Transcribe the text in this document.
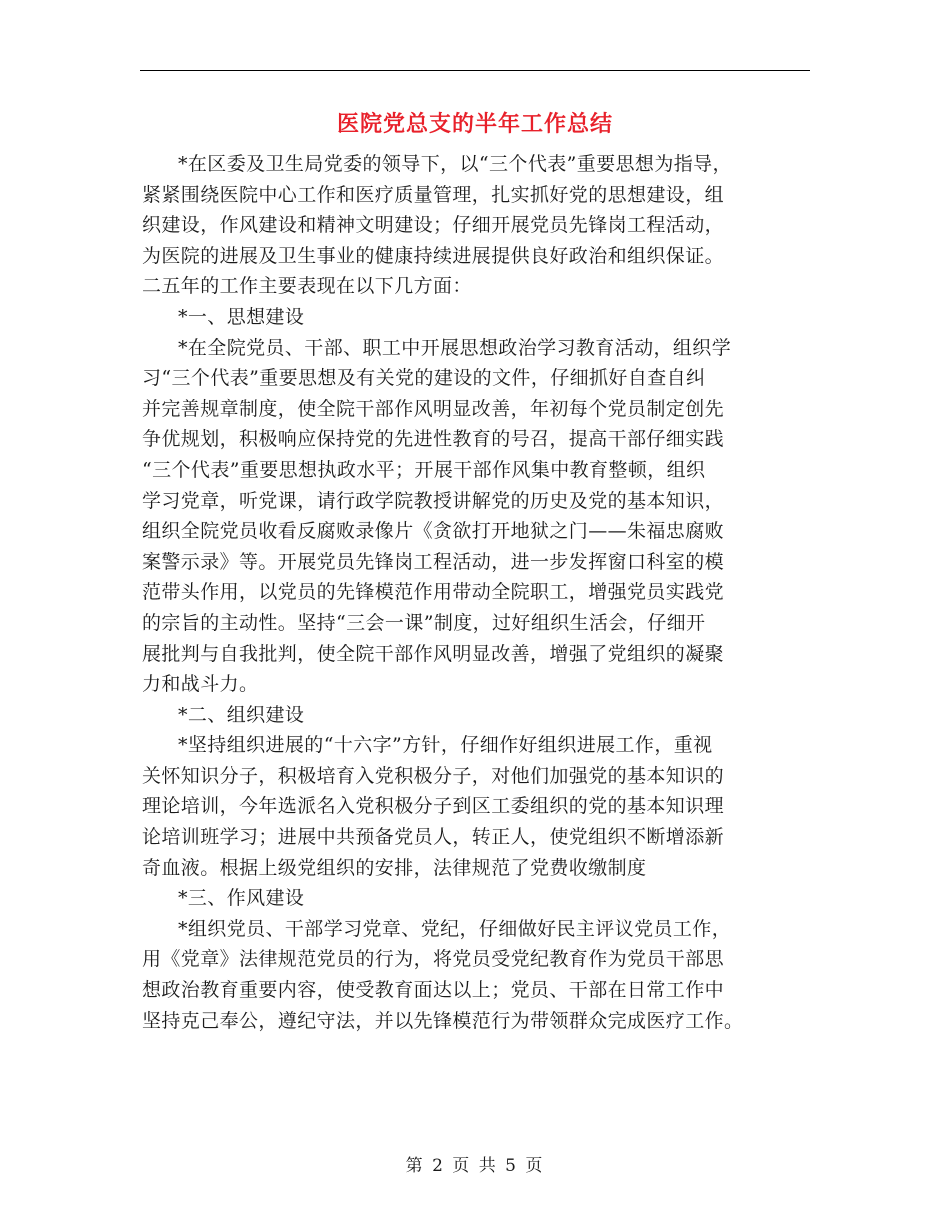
医院党总支的半年工作总结
*在区委及卫生局党委的领导下，以“三个代表”重要思想为指导，
紧紧围绕医院中心工作和医疗质量管理，扎实抓好党的思想建设，组
织建设，作风建设和精神文明建设；仔细开展党员先锋岗工程活动，
为医院的进展及卫生事业的健康持续进展提供良好政治和组织保证。
二五年的工作主要表现在以下几方面：
*一、思想建设
*在全院党员、干部、职工中开展思想政治学习教育活动，组织学
习“三个代表”重要思想及有关党的建设的文件，仔细抓好自查自纠
并完善规章制度，使全院干部作风明显改善，年初每个党员制定创先
争优规划，积极响应保持党的先进性教育的号召，提高干部仔细实践
“三个代表”重要思想执政水平；开展干部作风集中教育整顿，组织
学习党章，听党课，请行政学院教授讲解党的历史及党的基本知识，
组织全院党员收看反腐败录像片《贪欲打开地狱之门——朱福忠腐败
案警示录》等。开展党员先锋岗工程活动，进一步发挥窗口科室的模
范带头作用，以党员的先锋模范作用带动全院职工，增强党员实践党
的宗旨的主动性。坚持“三会一课”制度，过好组织生活会，仔细开
展批判与自我批判，使全院干部作风明显改善，增强了党组织的凝聚
力和战斗力。
*二、组织建设
*坚持组织进展的“十六字”方针，仔细作好组织进展工作，重视
关怀知识分子，积极培育入党积极分子，对他们加强党的基本知识的
理论培训，今年选派名入党积极分子到区工委组织的党的基本知识理
论培训班学习；进展中共预备党员人，转正人，使党组织不断增添新
奇血液。根据上级党组织的安排，法律规范了党费收缴制度
*三、作风建设
*组织党员、干部学习党章、党纪，仔细做好民主评议党员工作，
用《党章》法律规范党员的行为，将党员受党纪教育作为党员干部思
想政治教育重要内容，使受教育面达以上；党员、干部在日常工作中
坚持克己奉公，遵纪守法，并以先锋模范行为带领群众完成医疗工作。
第 2 页 共 5 页
